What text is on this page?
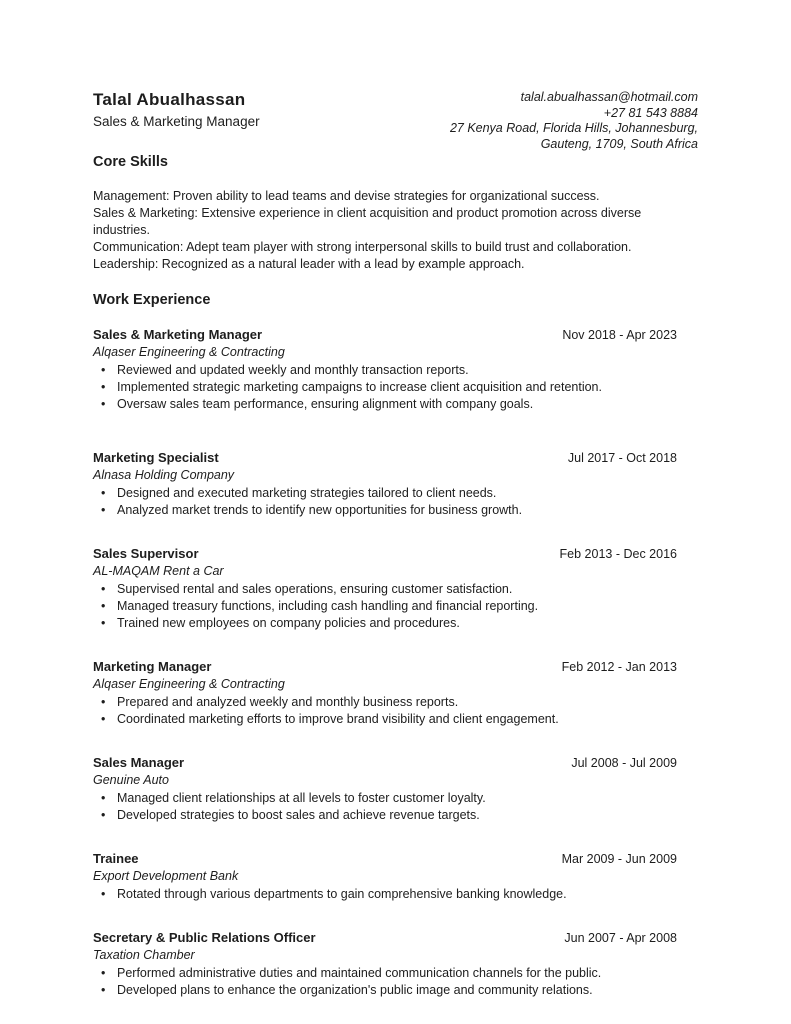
Talal Abualhassan
Sales & Marketing Manager
talal.abualhassan@hotmail.com
+27 81 543 8884
27 Kenya Road, Florida Hills, Johannesburg,
Gauteng, 1709, South Africa
Core Skills

Management: Proven ability to lead teams and devise strategies for organizational success.

Sales & Marketing: Extensive experience in client acquisition and product promotion across diverse industries.

Communication: Adept team player with strong interpersonal skills to build trust and collaboration.

Leadership: Recognized as a natural leader with a lead by example approach.

Work Experience
Sales & Marketing Manager	Nov 2018 - Apr 2023
Alqaser Engineering & Contracting
• Reviewed and updated weekly and monthly transaction reports.
• Implemented strategic marketing campaigns to increase client acquisition and retention.
• Oversaw sales team performance, ensuring alignment with company goals.
Marketing Specialist	Jul 2017 - Oct 2018
Alnasa Holding Company
• Designed and executed marketing strategies tailored to client needs.
• Analyzed market trends to identify new opportunities for business growth.
Sales Supervisor	Feb 2013 - Dec 2016
AL-MAQAM Rent a Car
• Supervised rental and sales operations, ensuring customer satisfaction.
• Managed treasury functions, including cash handling and financial reporting.
• Trained new employees on company policies and procedures.
Marketing Manager	Feb 2012 - Jan 2013
Alqaser Engineering & Contracting
• Prepared and analyzed weekly and monthly business reports.
• Coordinated marketing efforts to improve brand visibility and client engagement.
Sales Manager	Jul 2008 - Jul 2009
Genuine Auto
• Managed client relationships at all levels to foster customer loyalty.
• Developed strategies to boost sales and achieve revenue targets.
Trainee	Mar 2009 - Jun 2009
Export Development Bank
• Rotated through various departments to gain comprehensive banking knowledge.
Secretary & Public Relations Officer	Jun 2007 - Apr 2008
Taxation Chamber
• Performed administrative duties and maintained communication channels for the public.
• Developed plans to enhance the organization's public image and community relations.
